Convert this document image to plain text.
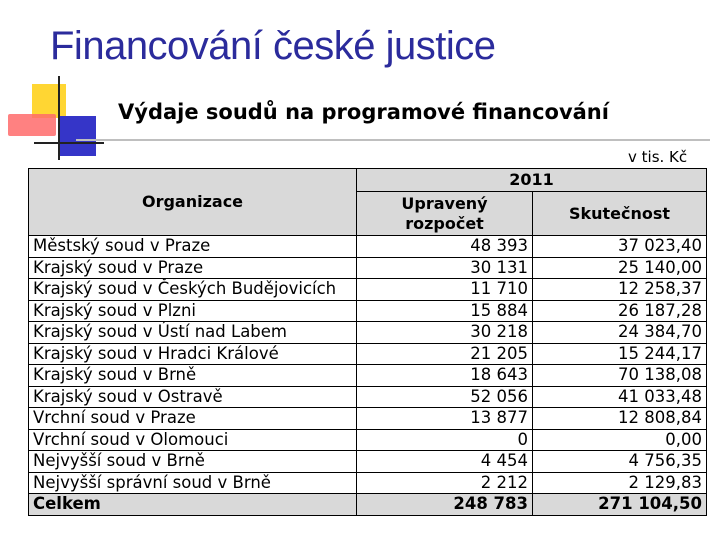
Financování české justice
Výdaje soudů na programové financování
v tis. Kč
Organizace	2011	
	Upravený rozpočet	Skutečnost
Městský soud v Praze	48 393	37 023,40
Krajský soud v Praze	30 131	25 140,00
Krajský soud v Českých Budějovicích	11 710	12 258,37
Krajský soud v Plzni	15 884	26 187,28
Krajský soud v Ústí nad Labem	30 218	24 384,70
Krajský soud v Hradci Králové	21 205	15 244,17
Krajský soud v Brně	18 643	70 138,08
Krajský soud v Ostravě	52 056	41 033,48
Vrchní soud v Praze	13 877	12 808,84
Vrchní soud v Olomouci	0	0,00
Nejvyšší soud v Brně	4 454	4 756,35
Nejvyšší správní soud v Brně	2 212	2 129,83
Celkem	248 783	271 104,50
